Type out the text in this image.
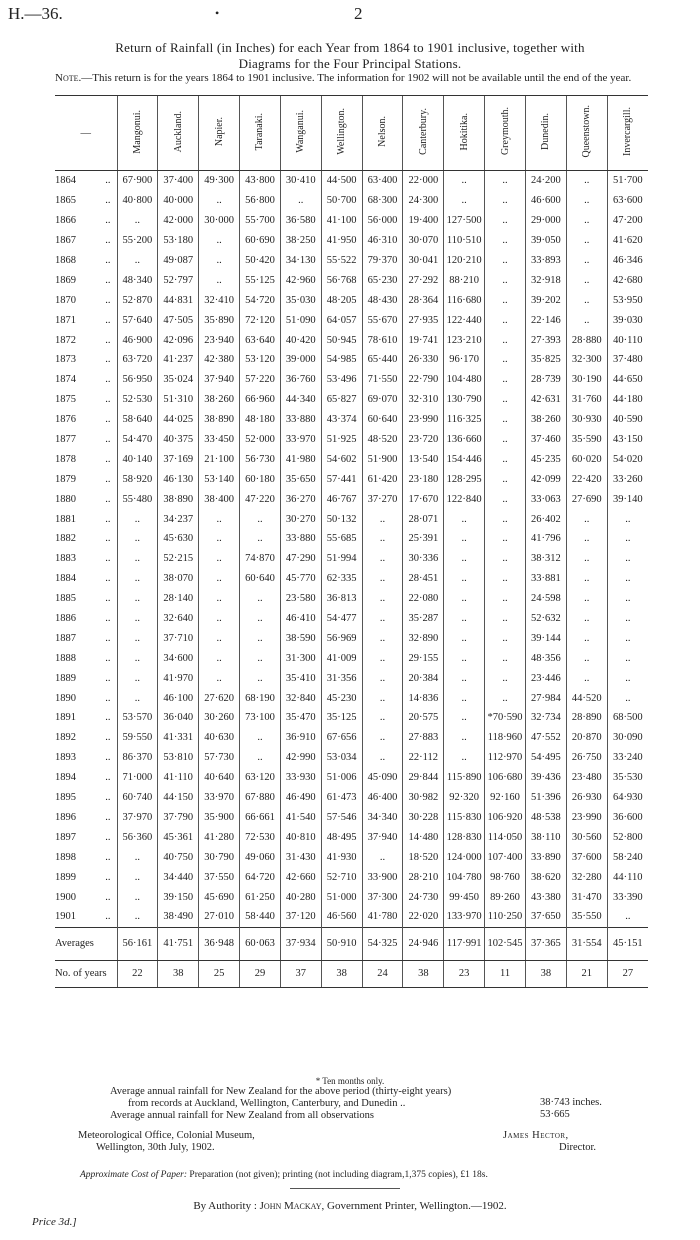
H.—36.	•	2
Return of Rainfall (in Inches) for each Year from 1864 to 1901 inclusive, together with
Diagrams for the Four Principal Stations.
Note.—This return is for the years 1864 to 1901 inclusive. The information for 1902 will not be available until the end of the year.
—	Mangonui.	Auckland.	Napier.	Taranaki.	Wanganui.	Wellington.	Nelson.	Canterbury.	Hokitika.	Greymouth.	Dunedin.	Queenstown.	Invercargill.
1864 ..	67·900	37·400	49·300	43·800	30·410	44·500	63·400	22·000	..	..	24·200	..	51·700
1865 ..	40·800	40·000	..	56·800	..	50·700	68·300	24·300	..	..	46·600	..	63·600
1866 ..	..	42·000	30·000	55·700	36·580	41·100	56·000	19·400	127·500	..	29·000	..	47·200
1867 ..	55·200	53·180	..	60·690	38·250	41·950	46·310	30·070	110·510	..	39·050	..	41·620
1868 ..	..	49·087	..	50·420	34·130	55·522	79·370	30·041	120·210	..	33·893	..	46·346
1869 ..	48·340	52·797	..	55·125	42·960	56·768	65·230	27·292	88·210	..	32·918	..	42·680
1870 ..	52·870	44·831	32·410	54·720	35·030	48·205	48·430	28·364	116·680	..	39·202	..	53·950
1871 ..	57·640	47·505	35·890	72·120	51·090	64·057	55·670	27·935	122·440	..	22·146	..	39·030
1872 ..	46·900	42·096	23·940	63·640	40·420	50·945	78·610	19·741	123·210	..	27·393	28·880	40·110
1873 ..	63·720	41·237	42·380	53·120	39·000	54·985	65·440	26·330	96·170	..	35·825	32·300	37·480
1874 ..	56·950	35·024	37·940	57·220	36·760	53·496	71·550	22·790	104·480	..	28·739	30·190	44·650
1875 ..	52·530	51·310	38·260	66·960	44·340	65·827	69·070	32·310	130·790	..	42·631	31·760	44·180
1876 ..	58·640	44·025	38·890	48·180	33·880	43·374	60·640	23·990	116·325	..	38·260	30·930	40·590
1877 ..	54·470	40·375	33·450	52·000	33·970	51·925	48·520	23·720	136·660	..	37·460	35·590	43·150
1878 ..	40·140	37·169	21·100	56·730	41·980	54·602	51·900	13·540	154·446	..	45·235	60·020	54·020
1879 ..	58·920	46·130	53·140	60·180	35·650	57·441	61·420	23·180	128·295	..	42·099	22·420	33·260
1880 ..	55·480	38·890	38·400	47·220	36·270	46·767	37·270	17·670	122·840	..	33·063	27·690	39·140
1881 ..	..	34·237	..	..	30·270	50·132	..	28·071	..	..	26·402	..	..
1882 ..	..	45·630	..	..	33·880	55·685	..	25·391	..	..	41·796	..	..
1883 ..	..	52·215	..	74·870	47·290	51·994	..	30·336	..	..	38·312	..	..
1884 ..	..	38·070	..	60·640	45·770	62·335	..	28·451	..	..	33·881	..	..
1885 ..	..	28·140	..	..	23·580	36·813	..	22·080	..	..	24·598	..	..
1886 ..	..	32·640	..	..	46·410	54·477	..	35·287	..	..	52·632	..	..
1887 ..	..	37·710	..	..	38·590	56·969	..	32·890	..	..	39·144	..	..
1888 ..	..	34·600	..	..	31·300	41·009	..	29·155	..	..	48·356	..	..
1889 ..	..	41·970	..	..	35·410	31·356	..	20·384	..	..	23·446	..	..
1890 ..	..	46·100	27·620	68·190	32·840	45·230	..	14·836	..	..	27·984	44·520	..
1891 ..	53·570	36·040	30·260	73·100	35·470	35·125	..	20·575	..	*70·590	32·734	28·890	68·500
1892 ..	59·550	41·331	40·630	..	36·910	67·656	..	27·883	..	118·960	47·552	20·870	30·090
1893 ..	86·370	53·810	57·730	..	42·990	53·034	..	22·112	..	112·970	54·495	26·750	33·240
1894 ..	71·000	41·110	40·640	63·120	33·930	51·006	45·090	29·844	115·890	106·680	39·436	23·480	35·530
1895 ..	60·740	44·150	33·970	67·880	46·490	61·473	46·400	30·982	92·320	92·160	51·396	26·930	64·930
1896 ..	37·970	37·790	35·900	66·661	41·540	57·546	34·340	30·228	115·830	106·920	48·538	23·990	36·600
1897 ..	56·360	45·361	41·280	72·530	40·810	48·495	37·940	14·480	128·830	114·050	38·110	30·560	52·800
1898 ..	..	40·750	30·790	49·060	31·430	41·930	..	18·520	124·000	107·400	33·890	37·600	58·240
1899 ..	..	34·440	37·550	64·720	42·660	52·710	33·900	28·210	104·780	98·760	38·620	32·280	44·110
1900 ..	..	39·150	45·690	61·250	40·280	51·000	37·300	24·730	99·450	89·260	43·380	31·470	33·390
1901 ..	..	38·490	27·010	58·440	37·120	46·560	41·780	22·020	133·970	110·250	37·650	35·550	..
Averages	56·161	41·751	36·948	60·063	37·934	50·910	54·325	24·946	117·991	102·545	37·365	31·554	45·151
No. of years	22	38	25	29	37	38	24	38	23	11	38	21	27
* Ten months only.
Average annual rainfall for New Zealand for the above period (thirty-eight years)
from records at Auckland, Wellington, Canterbury, and Dunedin ..
Average annual rainfall for New Zealand from all observations
38·743 inches.
53·665
Meteorological Office, Colonial Museum,
Wellington, 30th July, 1902.
James Hector,
Director.
Approximate Cost of Paper: Preparation (not given); printing (not including diagram,1,375 copies), £1 18s.
By Authority : John Mackay, Government Printer, Wellington.—1902.
Price 3d.]
